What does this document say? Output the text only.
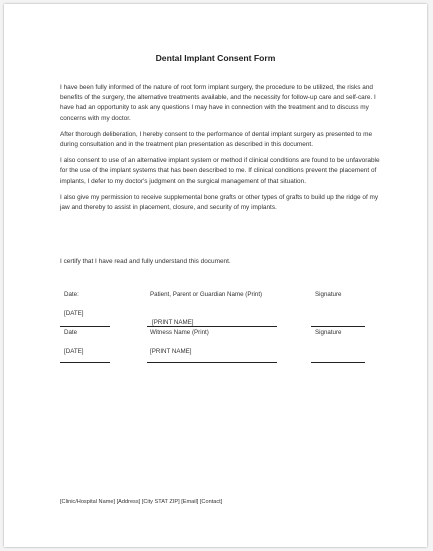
Dental Implant Consent Form

I have been fully informed of the nature of root form implant surgery, the procedure to be utilized, the risks and benefits of the surgery, the alternative treatments available, and the necessity for follow-up care and self-care. I have had an opportunity to ask any questions I may have in connection with the treatment and to discuss my concerns with my doctor.

After thorough deliberation, I hereby consent to the performance of dental implant surgery as presented to me during consultation and in the treatment plan presentation as described in this document.

I also consent to use of an alternative implant system or method if clinical conditions are found to be unfavorable for the use of the implant systems that has been described to me. If clinical conditions prevent the placement of implants, I defer to my doctor's judgment on the surgical management of that situation.

I also give my permission to receive supplemental bone grafts or other types of grafts to build up the ridge of my jaw and thereby to assist in placement, closure, and security of my implants.

I certify that I have read and fully understand this document.
Date:
[DATE]
Patient, Parent or Guardian Name (Print)
[PRINT NAME]
Signature
Date
[DATE]
Witness Name (Print)
[PRINT NAME]
Signature
[Clinic/Hospital Name] [Address] [City STAT ZIP] [Email] [Contact]
